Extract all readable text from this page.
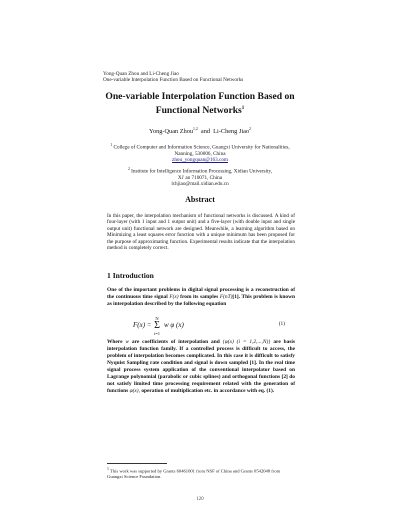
Yong-Quan Zhou and Li-Cheng Jiao
One-variable Interpolation Function Based on Functional Networks
One-variable Interpolation Function Based on
Functional Networks$^1$
Yong-Quan Zhou$^{1,2}$ and Li-Cheng Jiao$^2$
$^1$ College of Computer and Information Science, Guangxi University for Nationalities,
Nanning, 530006, China
zhou_yongquan@163.com
$^2$ Institute for Intelligence Information Processing, Xidian University,
Xi' an 710071, China
lchjiao@mail.xidian.edu.cn
Abstract
In this paper, the interpolation mechanism of functional networks is discussed. A kind of four-layer (with 1 input and 1 output unit) and a five-layer (with double input and single output unit) functional network are designed. Meanwhile, a learning algorithm based on Minimizing a least squares error function with a unique minimum has been proposed for the purpose of approximating function. Experimental results indicate that the interpolation method is completely correct.
1 Introduction
One of the important problems in digital signal processing is a reconstruction of the continuous time signal F(x) from its samples F(nT)[1]. This problem is known as interpolation described by the following equation
F(x) =
N
Σ
i=1
w φ (x)	(1)
Where w are coefficients of interpolation and {φ(x) (i = 1,2,...,N)} are basis interpolation function family. If a controlled process is difficult to access, the problem of interpolation becomes complicated. In this case it is difficult to satisfy Nyquist Sampling rate condition and signal is down sampled [1]. In the real time signal process system application of the conventional interpolator based on Lagrange polynomial (parabolic or cubic splines) and orthogonal functions [2] do not satisfy limited time processing requirement related with the generation of functions φ(x), operation of multiplication etc. in accordance with eq. (1).
$^1$ This work was supported by Grants 60461001 from NSF of China and Grants 0542048 from Guangxi Science Foundation.
120
